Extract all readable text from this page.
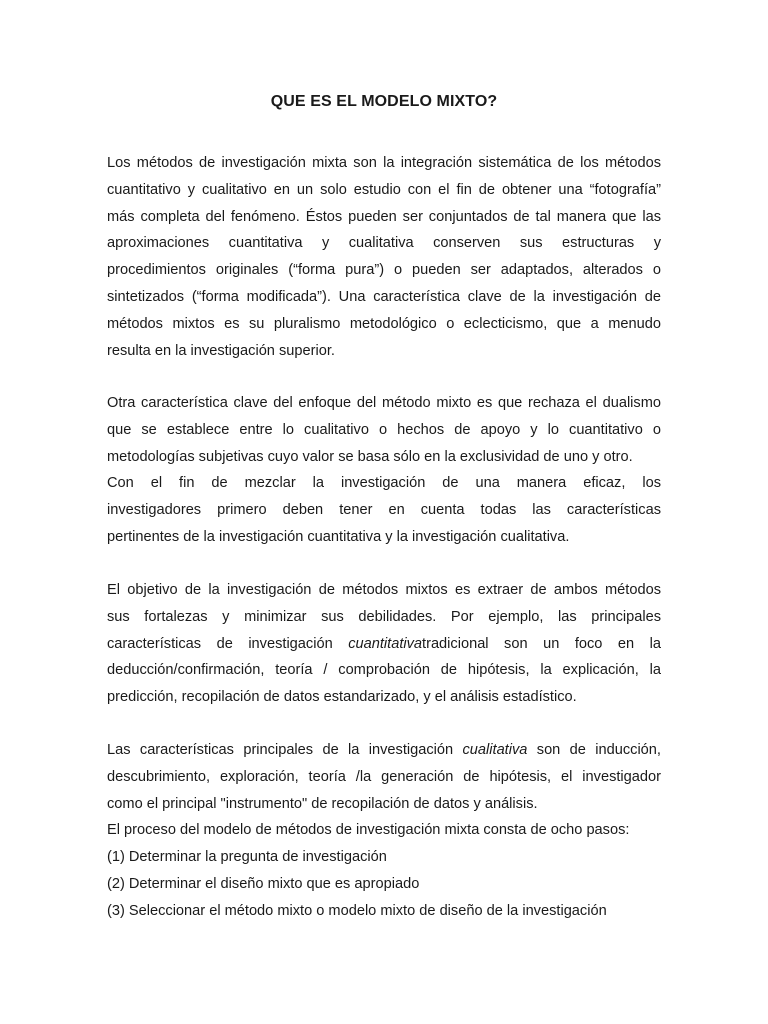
QUE ES EL MODELO MIXTO?
Los métodos de investigación mixta son la integración sistemática de los métodos
cuantitativo y cualitativo en un solo estudio con el fin de obtener una “fotografía”
más completa del fenómeno. Éstos pueden ser conjuntados de tal manera que las
aproximaciones cuantitativa y cualitativa conserven sus estructuras y
procedimientos originales (“forma pura”) o pueden ser adaptados, alterados o
sintetizados (“forma modificada”). Una característica clave de la investigación de
métodos mixtos es su pluralismo metodológico o eclecticismo, que a menudo
resulta en la investigación superior.
Otra característica clave del enfoque del método mixto es que rechaza el dualismo
que se establece entre lo cualitativo o hechos de apoyo y lo cuantitativo o
metodologías subjetivas cuyo valor se basa sólo en la exclusividad de uno y otro.
Con el fin de mezclar la investigación de una manera eficaz, los
investigadores primero deben tener en cuenta todas las características
pertinentes de la investigación cuantitativa y la investigación cualitativa.
El objetivo de la investigación de métodos mixtos es extraer de ambos métodos
sus fortalezas y minimizar sus debilidades. Por ejemplo, las principales
características de investigación cuantitativatradicional son un foco en la
deducción/confirmación, teoría / comprobación de hipótesis, la explicación, la
predicción, recopilación de datos estandarizado, y el análisis estadístico.
Las características principales de la investigación cualitativa son de inducción,
descubrimiento, exploración, teoría /la generación de hipótesis, el investigador
como el principal "instrumento" de recopilación de datos y análisis.
El proceso del modelo de métodos de investigación mixta consta de ocho pasos:
(1) Determinar la pregunta de investigación
(2) Determinar el diseño mixto que es apropiado
(3) Seleccionar el método mixto o modelo mixto de diseño de la investigación
